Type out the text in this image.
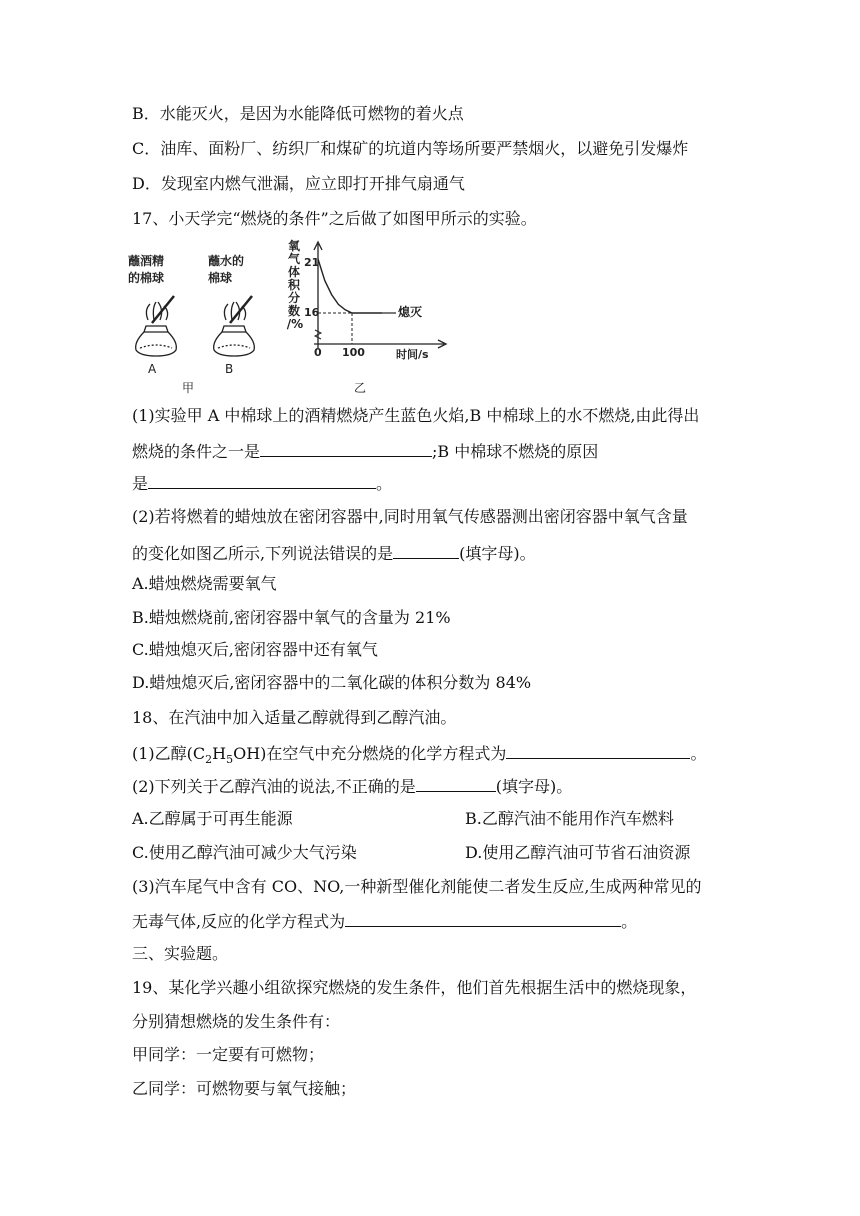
B．水能灭火，是因为水能降低可燃物的着火点
C．油库、面粉厂、纺织厂和煤矿的坑道内等场所要严禁烟火，以避免引发爆炸
D．发现室内燃气泄漏，应立即打开排气扇通气
17、小天学完“燃烧的条件”之后做了如图甲所示的实验。
蘸酒精
的棉球
蘸水的
棉球
A	B
甲	乙
氧
气
体
积
分
数
/%
21
16
0 100	时间/s
熄灭
(1)实验甲 A 中棉球上的酒精燃烧产生蓝色火焰,B 中棉球上的水不燃烧,由此得出
燃烧的条件之一是	;B 中棉球不燃烧的原因
是	。
(2)若将燃着的蜡烛放在密闭容器中,同时用氧气传感器测出密闭容器中氧气含量
的变化如图乙所示,下列说法错误的是	(填字母)。
A.蜡烛燃烧需要氧气
B.蜡烛燃烧前,密闭容器中氧气的含量为 21%
C.蜡烛熄灭后,密闭容器中还有氧气
D.蜡烛熄灭后,密闭容器中的二氧化碳的体积分数为 84%
18、在汽油中加入适量乙醇就得到乙醇汽油。
(1)乙醇$(C_2H_5OH)$在空气中充分燃烧的化学方程式为	。
(2)下列关于乙醇汽油的说法,不正确的是	(填字母)。
A.乙醇属于可再生能源	B.乙醇汽油不能用作汽车燃料
C.使用乙醇汽油可减少大气污染	D.使用乙醇汽油可节省石油资源
(3)汽车尾气中含有 CO、NO,一种新型催化剂能使二者发生反应,生成两种常见的
无毒气体,反应的化学方程式为	。
三、实验题。
19、某化学兴趣小组欲探究燃烧的发生条件，他们首先根据生活中的燃烧现象，
分别猜想燃烧的发生条件有：
甲同学：一定要有可燃物；
乙同学：可燃物要与氧气接触；
